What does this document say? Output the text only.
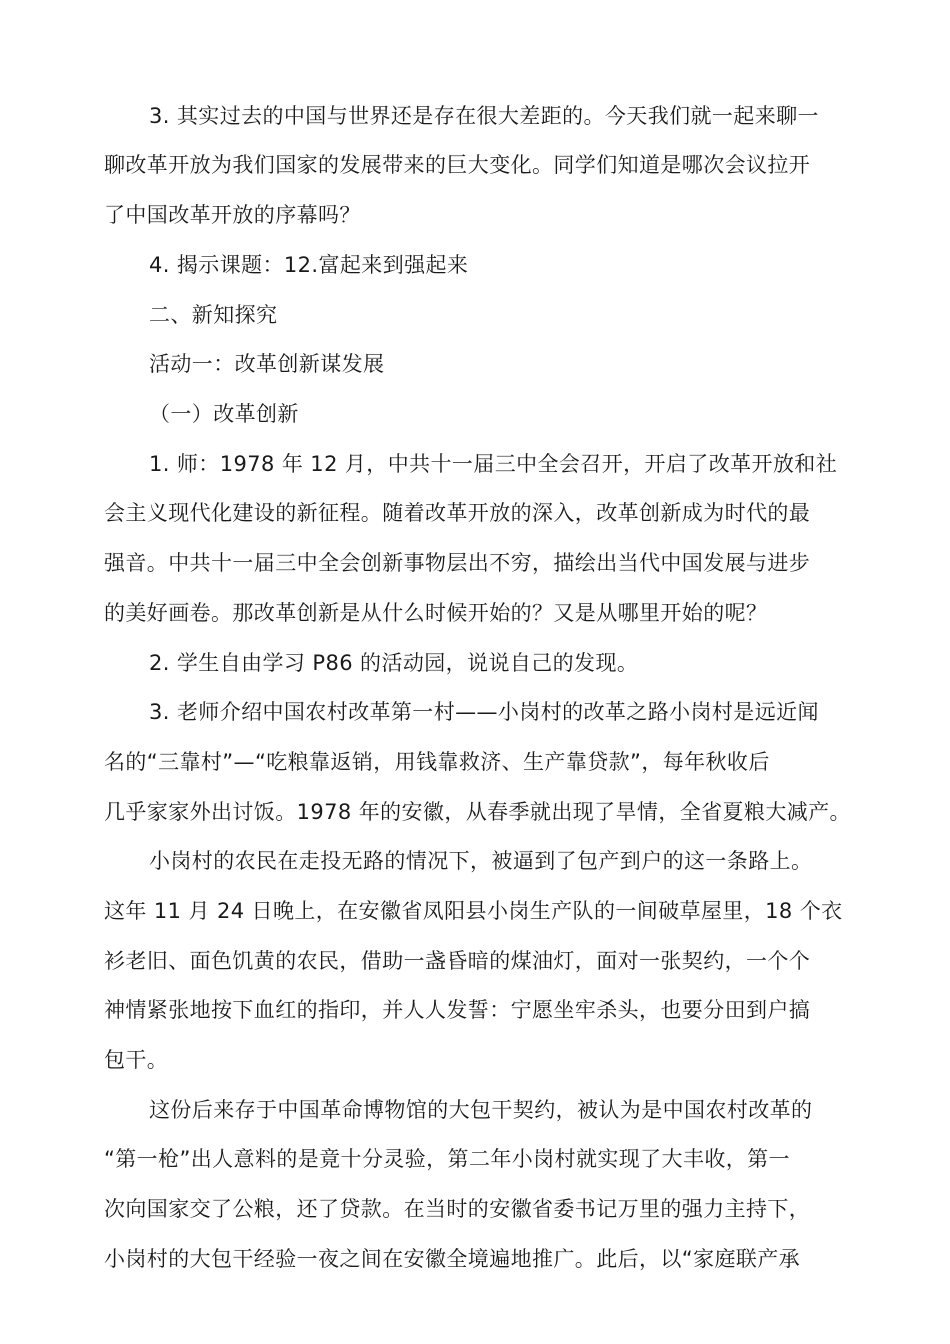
3. 其实过去的中国与世界还是存在很大差距的。今天我们就一起来聊一
聊改革开放为我们国家的发展带来的巨大变化。同学们知道是哪次会议拉开
了中国改革开放的序幕吗？
4. 揭示课题：12.富起来到强起来
二、新知探究
活动一：改革创新谋发展
（一）改革创新
1. 师：1978 年 12 月，中共十一届三中全会召开，开启了改革开放和社
会主义现代化建设的新征程。随着改革开放的深入，改革创新成为时代的最
强音。中共十一届三中全会创新事物层出不穷，描绘出当代中国发展与进步
的美好画卷。那改革创新是从什么时候开始的？又是从哪里开始的呢？
2. 学生自由学习 P86 的活动园，说说自己的发现。
3. 老师介绍中国农村改革第一村——小岗村的改革之路小岗村是远近闻
名的“三靠村”—“吃粮靠返销，用钱靠救济、生产靠贷款”，每年秋收后
几乎家家外出讨饭。1978 年的安徽，从春季就出现了旱情，全省夏粮大减产。
小岗村的农民在走投无路的情况下，被逼到了包产到户的这一条路上。
这年 11 月 24 日晚上，在安徽省凤阳县小岗生产队的一间破草屋里，18 个衣
衫老旧、面色饥黄的农民，借助一盏昏暗的煤油灯，面对一张契约，一个个
神情紧张地按下血红的指印，并人人发誓：宁愿坐牢杀头，也要分田到户搞
包干。
这份后来存于中国革命博物馆的大包干契约，被认为是中国农村改革的
“第一枪”出人意料的是竟十分灵验，第二年小岗村就实现了大丰收，第一
次向国家交了公粮，还了贷款。在当时的安徽省委书记万里的强力主持下，
小岗村的大包干经验一夜之间在安徽全境遍地推广。此后，以“家庭联产承
